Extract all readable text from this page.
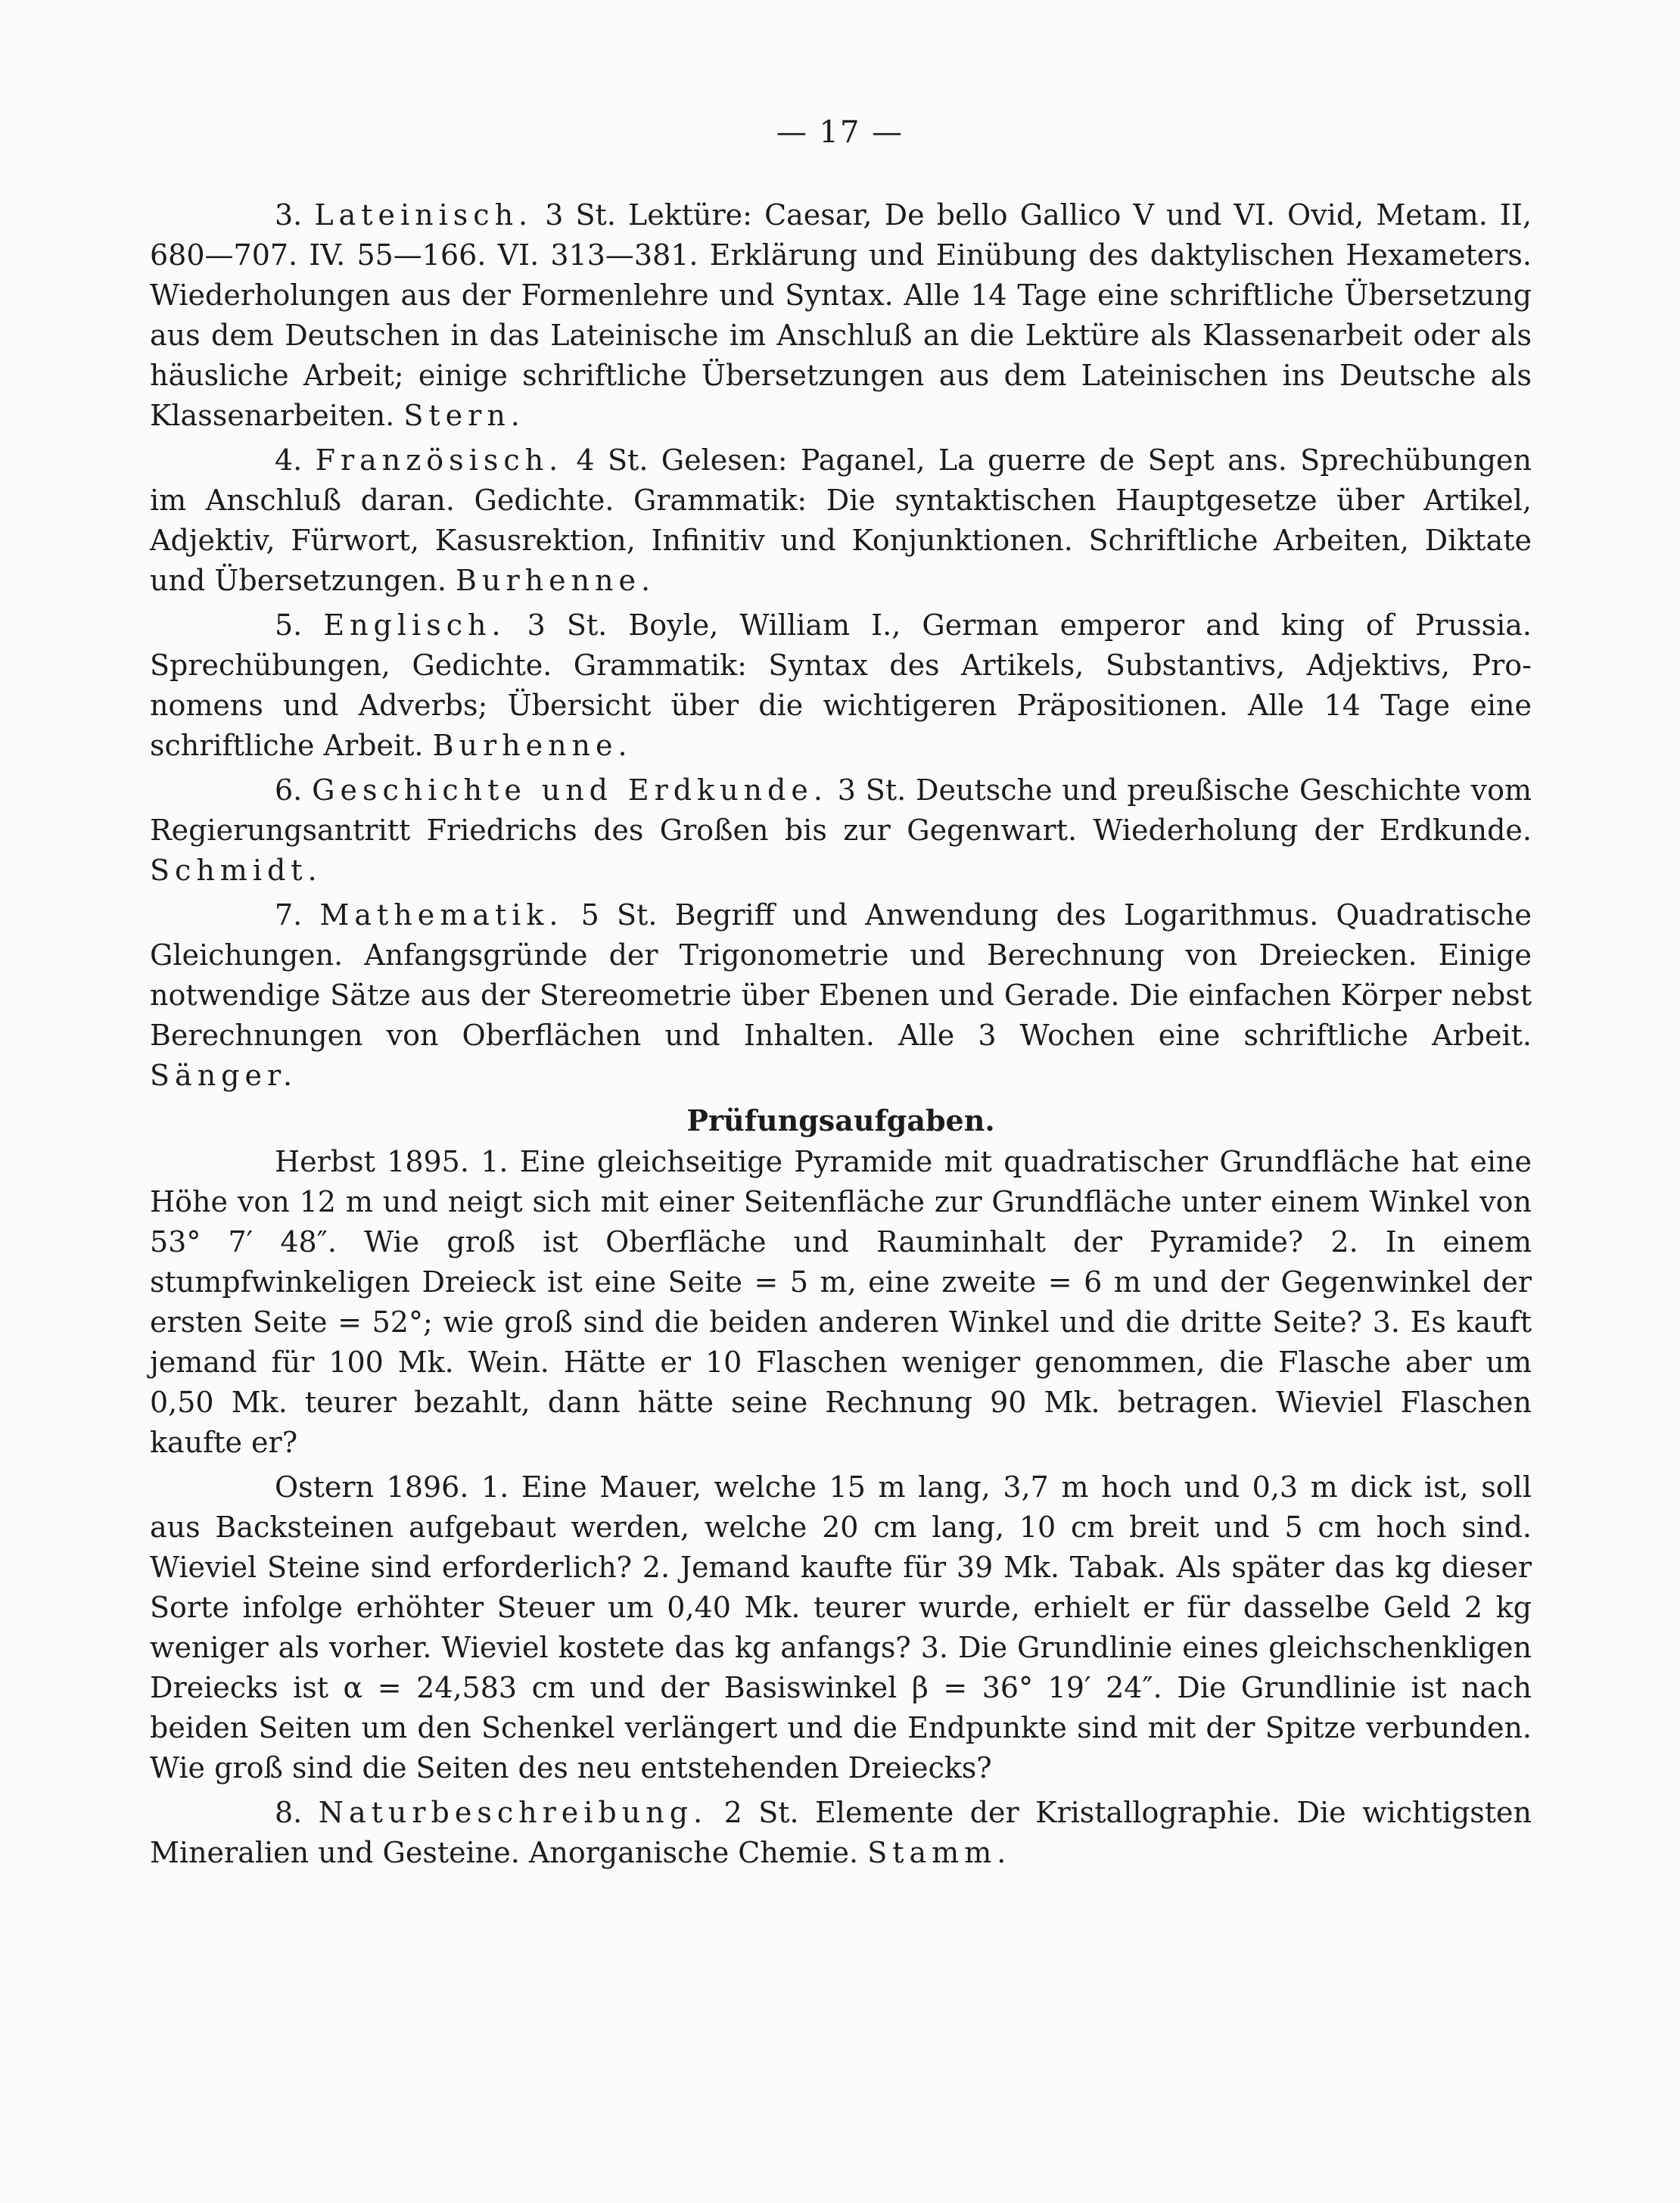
— 17 —

3. Lateinisch. 3 St. Lektüre: Caesar, De bello Gallico V und VI. Ovid, Metam. II, 680—707. IV. 55—166. VI. 313—381. Erklärung und Einübung des daktylischen Hexameters. Wiederholungen aus der Formenlehre und Syntax. Alle 14 Tage eine schriftliche Übersetzung aus dem Deutschen in das Lateinische im Anschluß an die Lektüre als Klassenarbeit oder als häusliche Arbeit; einige schriftliche Übersetzungen aus dem Lateinischen ins Deutsche als Klassenarbeiten. Stern.

4. Französisch. 4 St. Gelesen: Paganel, La guerre de Sept ans. Sprechübungen im Anschluß daran. Gedichte. Grammatik: Die syntaktischen Hauptgesetze über Artikel, Adjektiv, Fürwort, Kasusrektion, Infinitiv und Konjunktionen. Schriftliche Arbeiten, Diktate und Übersetzungen. Burhenne.

5. Englisch. 3 St. Boyle, William I., German emperor and king of Prussia. Sprechübungen, Gedichte. Grammatik: Syntax des Artikels, Substantivs, Adjektivs, Pronomens und Adverbs; Übersicht über die wichtigeren Präpositionen. Alle 14 Tage eine schriftliche Arbeit. Burhenne.

6. Geschichte und Erdkunde. 3 St. Deutsche und preußische Geschichte vom Regierungsantritt Friedrichs des Großen bis zur Gegenwart. Wiederholung der Erdkunde. Schmidt.

7. Mathematik. 5 St. Begriff und Anwendung des Logarithmus. Quadratische Gleichungen. Anfangsgründe der Trigonometrie und Berechnung von Dreiecken. Einige notwendige Sätze aus der Stereometrie über Ebenen und Gerade. Die einfachen Körper nebst Berechnungen von Oberflächen und Inhalten. Alle 3 Wochen eine schriftliche Arbeit. Sänger.

Prüfungsaufgaben.

Herbst 1895. 1. Eine gleichseitige Pyramide mit quadratischer Grundfläche hat eine Höhe von 12 m und neigt sich mit einer Seitenfläche zur Grundfläche unter einem Winkel von 53° 7′ 48″. Wie groß ist Oberfläche und Rauminhalt der Pyramide? 2. In einem stumpfwinkeligen Dreieck ist eine Seite = 5 m, eine zweite = 6 m und der Gegenwinkel der ersten Seite = 52°; wie groß sind die beiden anderen Winkel und die dritte Seite? 3. Es kauft jemand für 100 Mk. Wein. Hätte er 10 Flaschen weniger genommen, die Flasche aber um 0,50 Mk. teurer bezahlt, dann hätte seine Rechnung 90 Mk. betragen. Wieviel Flaschen kaufte er?

Ostern 1896. 1. Eine Mauer, welche 15 m lang, 3,7 m hoch und 0,3 m dick ist, soll aus Backsteinen aufgebaut werden, welche 20 cm lang, 10 cm breit und 5 cm hoch sind. Wieviel Steine sind erforderlich? 2. Jemand kaufte für 39 Mk. Tabak. Als später das kg dieser Sorte infolge erhöhter Steuer um 0,40 Mk. teurer wurde, erhielt er für dasselbe Geld 2 kg weniger als vorher. Wieviel kostete das kg anfangs? 3. Die Grundlinie eines gleichschenkligen Dreiecks ist α = 24,583 cm und der Basiswinkel β = 36° 19′ 24″. Die Grundlinie ist nach beiden Seiten um den Schenkel verlängert und die Endpunkte sind mit der Spitze verbunden. Wie groß sind die Seiten des neu entstehenden Dreiecks?

8. Naturbeschreibung. 2 St. Elemente der Kristallographie. Die wichtigsten Mineralien und Gesteine. Anorganische Chemie. Stamm.
